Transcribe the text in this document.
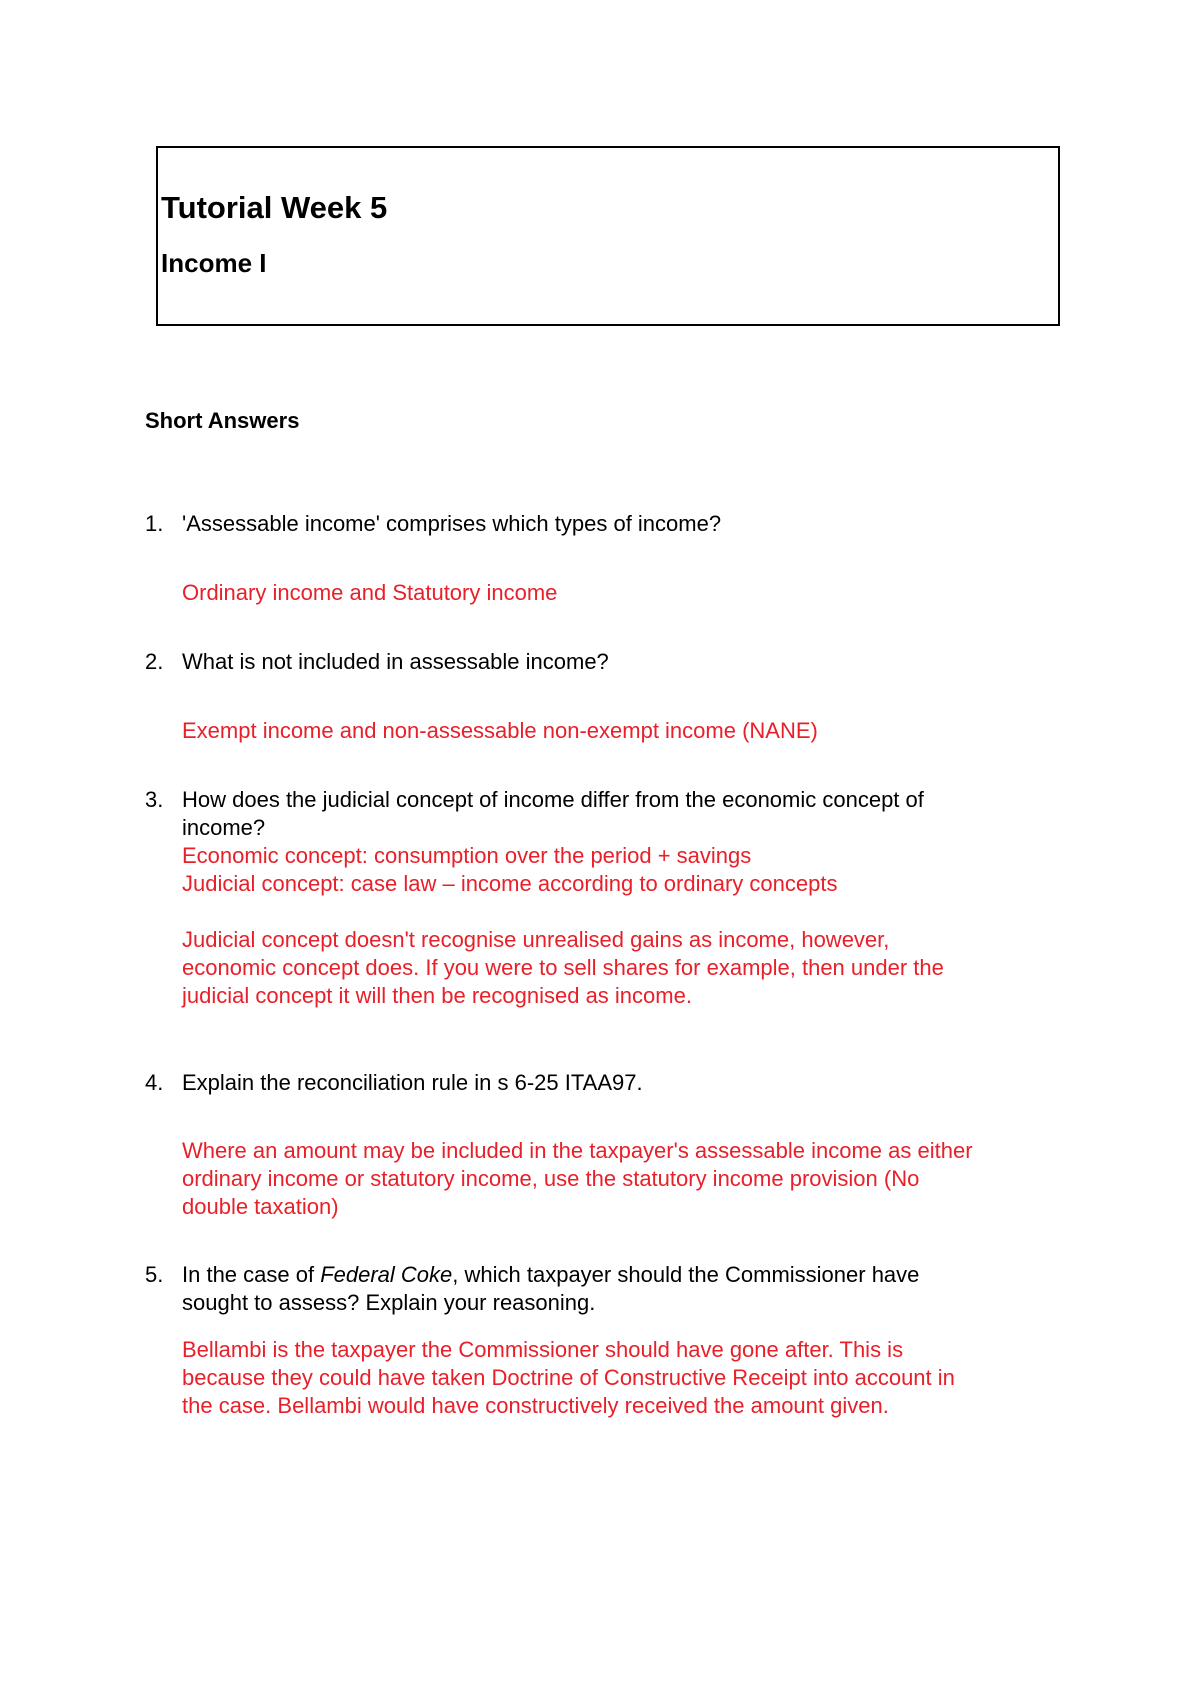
Tutorial Week 5
Income I
Short Answers
1. 'Assessable income' comprises which types of income?
Ordinary income and Statutory income
2. What is not included in assessable income?
Exempt income and non-assessable non-exempt income (NANE)
3. How does the judicial concept of income differ from the economic concept of
income?
Economic concept: consumption over the period + savings
Judicial concept: case law – income according to ordinary concepts
Judicial concept doesn't recognise unrealised gains as income, however,
economic concept does. If you were to sell shares for example, then under the
judicial concept it will then be recognised as income.
4. Explain the reconciliation rule in s 6-25 ITAA97.
Where an amount may be included in the taxpayer's assessable income as either
ordinary income or statutory income, use the statutory income provision (No
double taxation)
5. In the case of Federal Coke, which taxpayer should the Commissioner have
sought to assess? Explain your reasoning.
Bellambi is the taxpayer the Commissioner should have gone after. This is
because they could have taken Doctrine of Constructive Receipt into account in
the case. Bellambi would have constructively received the amount given.
